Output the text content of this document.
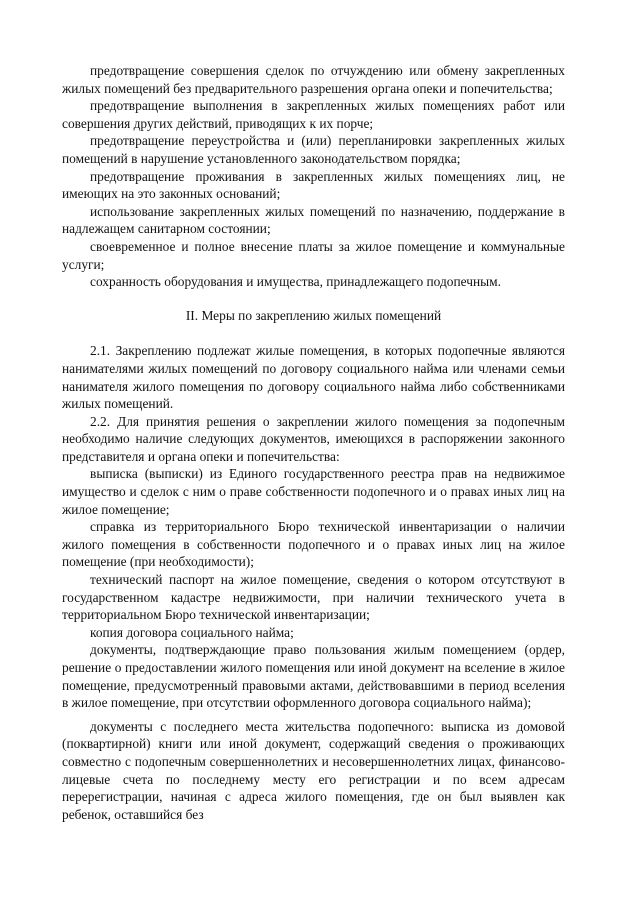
предотвращение совершения сделок по отчуждению или обмену закрепленных жилых помещений без предварительного разрешения органа опеки и попечительства;

предотвращение выполнения в закрепленных жилых помещениях работ или совершения других действий, приводящих к их порче;

предотвращение переустройства и (или) перепланировки закрепленных жилых помещений в нарушение установленного законодательством порядка;

предотвращение проживания в закрепленных жилых помещениях лиц, не имеющих на это законных оснований;

использование закрепленных жилых помещений по назначению, поддержание в надлежащем санитарном состоянии;

своевременное и полное внесение платы за жилое помещение и коммунальные услуги;

сохранность оборудования и имущества, принадлежащего подопечным.

II. Меры по закреплению жилых помещений

2.1. Закреплению подлежат жилые помещения, в которых подопечные являются нанимателями жилых помещений по договору социального найма или членами семьи нанимателя жилого помещения по договору социального найма либо собственниками жилых помещений.

2.2. Для принятия решения о закреплении жилого помещения за подопечным необходимо наличие следующих документов, имеющихся в распоряжении законного представителя и органа опеки и попечительства:

выписка (выписки) из Единого государственного реестра прав на недвижимое имущество и сделок с ним о праве собственности подопечного и о правах иных лиц на жилое помещение;

справка из территориального Бюро технической инвентаризации о наличии жилого помещения в собственности подопечного и о правах иных лиц на жилое помещение (при необходимости);

технический паспорт на жилое помещение, сведения о котором отсутствуют в государственном кадастре недвижимости, при наличии технического учета в территориальном Бюро технической инвентаризации;

копия договора социального найма;

документы, подтверждающие право пользования жилым помещением (ордер, решение о предоставлении жилого помещения или иной документ на вселение в жилое помещение, предусмотренный правовыми актами, действовавшими в период вселения в жилое помещение, при отсутствии оформленного договора социального найма);

документы с последнего места жительства подопечного: выписка из домовой (поквартирной) книги или иной документ, содержащий сведения о проживающих совместно с подопечным совершеннолетних и несовершеннолетних лицах, финансово-лицевые счета по последнему месту его регистрации и по всем адресам перерегистрации, начиная с адреса жилого помещения, где он был выявлен как ребенок, оставшийся без
